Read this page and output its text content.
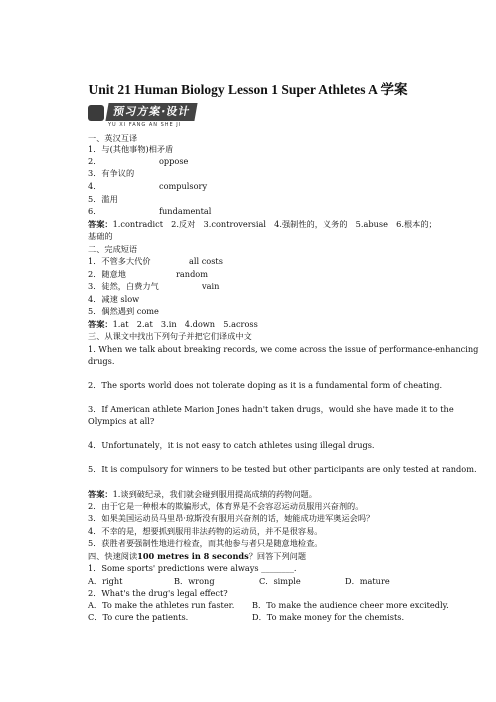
Unit 21 Human Biology Lesson 1 Super Athletes A 学案
预习方案·设计
YU XI FANG AN SHE JI
一、英汉互译
1．与(其他事物)相矛盾
2．	oppose
3．有争议的
4．	compulsory
5．滥用
6．	fundamental
答案：1.contradict　2.反对　3.controversial　4.强制性的，义务的　5.abuse　6.根本的；
基础的
二、完成短语
1．不管多大代价	all costs
2．随意地	random
3．徒然，白费力气	vain
4．减速 slow
5．偶然遇到 come
答案：1.at　2.at　3.in　4.down　5.across
三、从课文中找出下列句子并把它们译成中文
1. When we talk about breaking records, we come across the issue of performance-enhancing
drugs.
2．The sports world does not tolerate doping as it is a fundamental form of cheating.
3．If American athlete Marion Jones hadn't taken drugs，would she have made it to the
Olympics at all?
4．Unfortunately，it is not easy to catch athletes using illegal drugs.
5．It is compulsory for winners to be tested but other participants are only tested at random.
答案：1.谈到破纪录，我们就会碰到服用提高成绩的药物问题。
2．由于它是一种根本的欺骗形式，体育界是不会容忍运动员服用兴奋剂的。
3．如果美国运动员马里昂·琼斯没有服用兴奋剂的话，她能成功进军奥运会吗？
4．不幸的是，想要抓到服用非法药物的运动员，并不是很容易。
5．获胜者要强制性地进行检查，而其他参与者只是随意地检查。
四、快速阅读100 metres in 8 seconds？回答下列问题
1．Some sports' predictions were always ________.
A．right	B．wrong	C．simple	D．mature
2．What's the drug's legal effect?
A．To make the athletes run faster. B．To make the audience cheer more excitedly.
C．To cure the patients.	D．To make money for the chemists.
